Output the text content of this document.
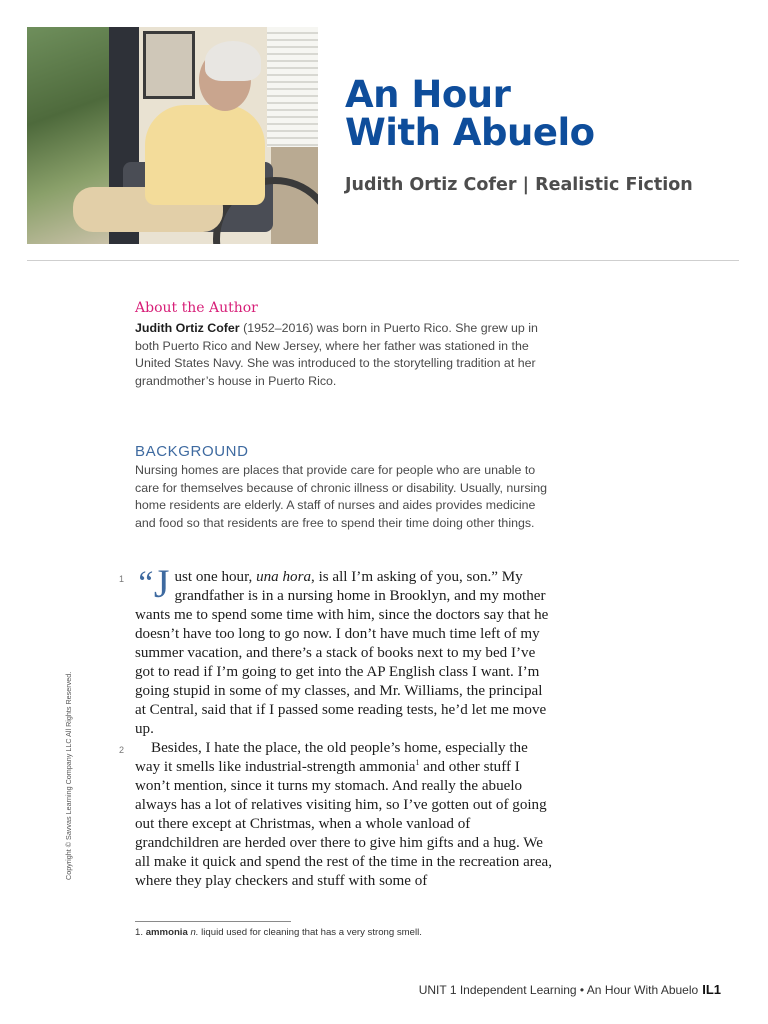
An Hour
With Abuelo
Judith Ortiz Cofer | Realistic Fiction
About the Author
Judith Ortiz Cofer (1952–2016) was born in Puerto Rico. She grew up in both Puerto Rico and New Jersey, where her father was stationed in the United States Navy. She was introduced to the storytelling tradition at her grandmother’s house in Puerto Rico.
BACKGROUND
Nursing homes are places that provide care for people who are unable to care for themselves because of chronic illness or disability. Usually, nursing home residents are elderly. A staff of nurses and aides provides medicine and food so that residents are free to spend their time doing other things.

1 “J ust one hour, una hora, is all I’m asking of you, son.” My grandfather is in a nursing home in Brooklyn, and my mother wants me to spend some time with him, since the doctors say that he doesn’t have too long to go now. I don’t have much time left of my summer vacation, and there’s a stack of books next to my bed I’ve got to read if I’m going to get into the AP English class I want. I’m going stupid in some of my classes, and Mr. Williams, the principal at Central, said that if I passed some reading tests, he’d let me move up.

2 Besides, I hate the place, the old people’s home, especially the way it smells like industrial-strength ammonia$^1$ and other stuff I won’t mention, since it turns my stomach. And really the abuelo always has a lot of relatives visiting him, so I’ve gotten out of going out there except at Christmas, when a whole vanload of grandchildren are herded over there to give him gifts and a hug. We all make it quick and spend the rest of the time in the recreation area, where they play checkers and stuff with some of

Copyright © Savvas Learning Company LLC All Rights Reserved.
1. ammonia n. liquid used for cleaning that has a very strong smell.
UNIT 1 Independent Learning • An Hour With Abuelo IL1
